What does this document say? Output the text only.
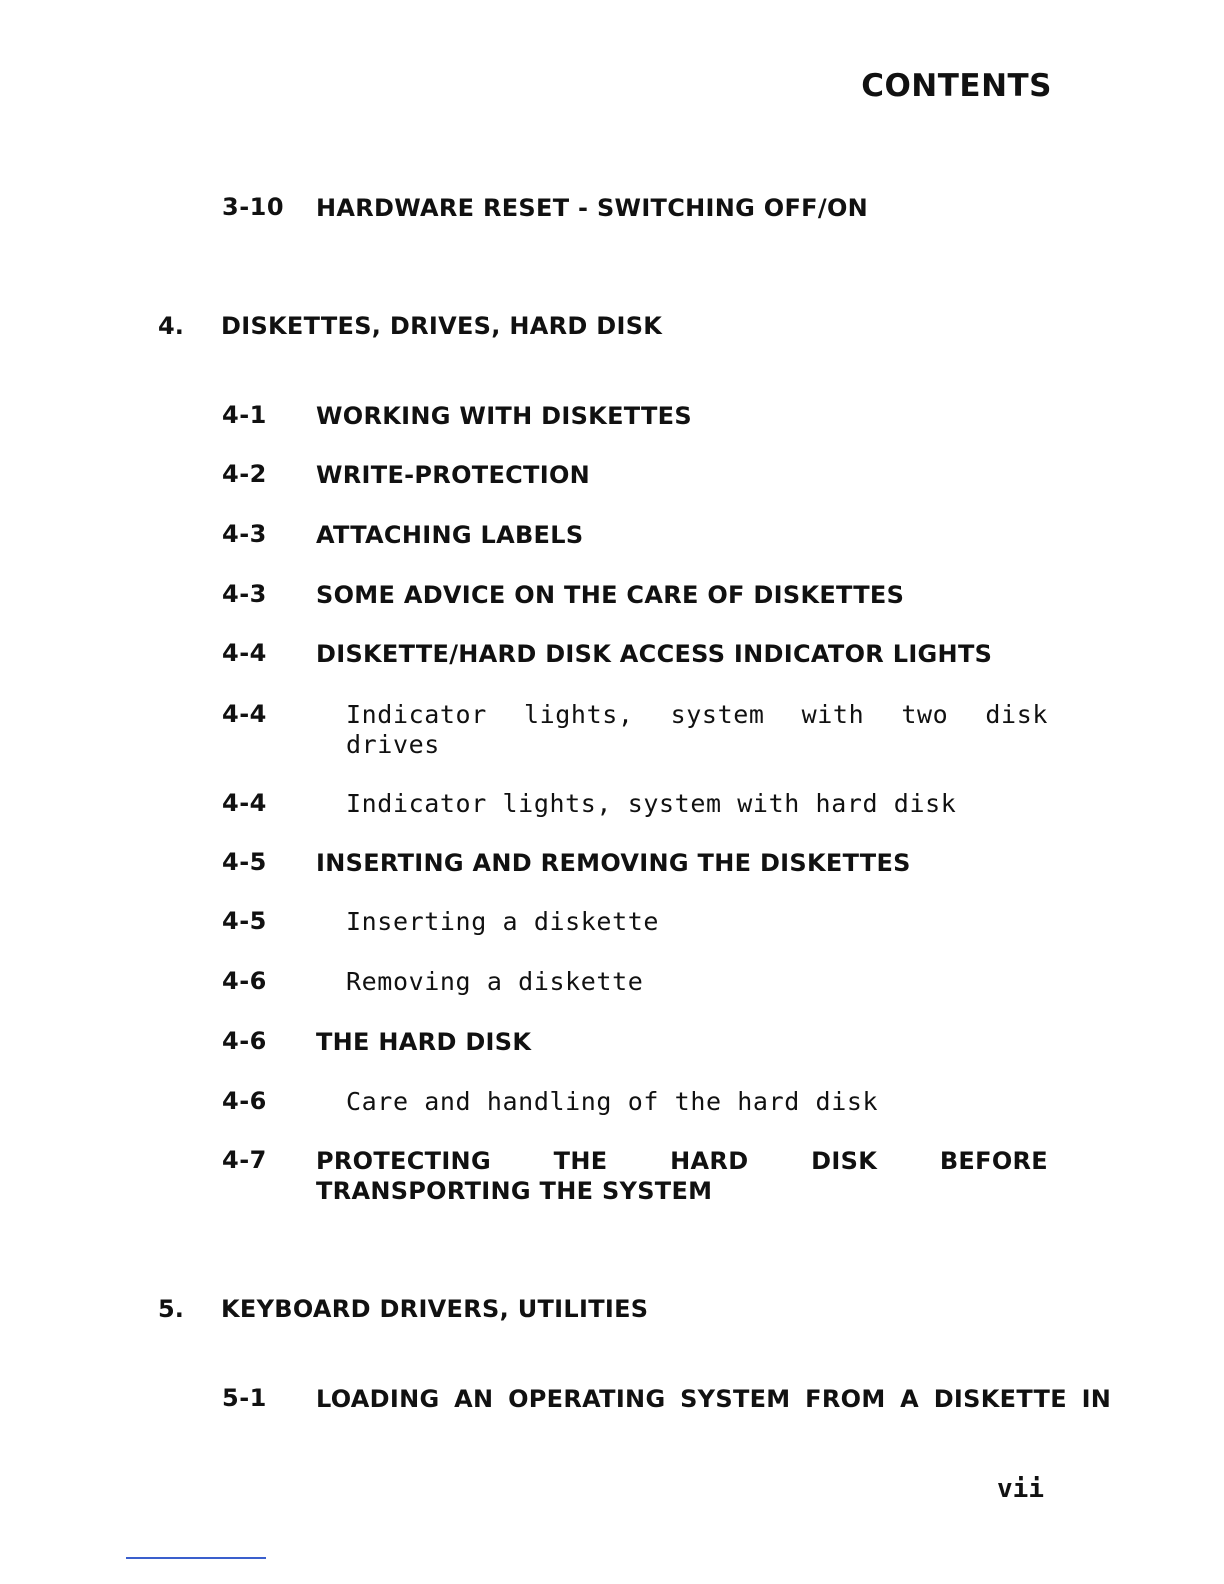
CONTENTS
3-10 HARDWARE RESET - SWITCHING OFF/ON
4. DISKETTES, DRIVES, HARD DISK
4-1 WORKING WITH DISKETTES
4-2 WRITE-PROTECTION
4-3 ATTACHING LABELS
4-3 SOME ADVICE ON THE CARE OF DISKETTES
4-4 DISKETTE/HARD DISK ACCESS INDICATOR LIGHTS
4-4	Indicator lights, system with two disk drives
4-4	Indicator lights, system with hard disk
4-5 INSERTING AND REMOVING THE DISKETTES
4-5	Inserting a diskette
4-6	Removing a diskette
4-6 THE HARD DISK
4-6	Care and handling of the hard disk
4-7 PROTECTING THE HARD DISK BEFORE TRANSPORTING THE SYSTEM
5. KEYBOARD DRIVERS, UTILITIES
5-1 LOADING AN OPERATING SYSTEM FROM A DISKETTE IN
vii
